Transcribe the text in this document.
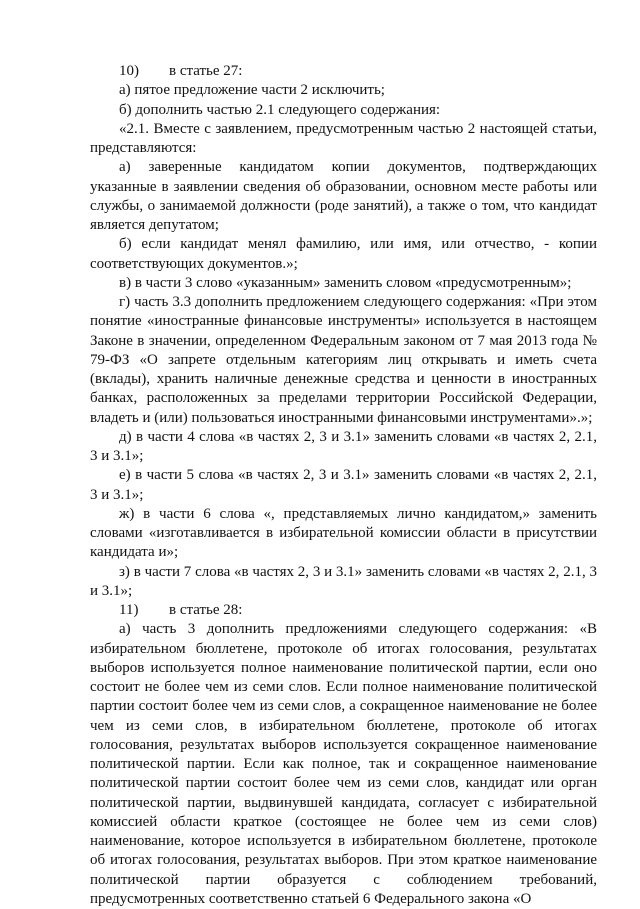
10) в статье 27:

а) пятое предложение части 2 исключить;

б) дополнить частью 2.1 следующего содержания:

«2.1. Вместе с заявлением, предусмотренным частью 2 настоящей статьи, представляются:

а) заверенные кандидатом копии документов, подтверждающих указанные в заявлении сведения об образовании, основном месте работы или службы, о занимаемой должности (роде занятий), а также о том, что кандидат является депутатом;

б) если кандидат менял фамилию, или имя, или отчество, - копии соответствующих документов.»;

в) в части 3 слово «указанным» заменить словом «предусмотренным»;

г) часть 3.3 дополнить предложением следующего содержания: «При этом понятие «иностранные финансовые инструменты» используется в настоящем Законе в значении, определенном Федеральным законом от 7 мая 2013 года № 79-ФЗ «О запрете отдельным категориям лиц открывать и иметь счета (вклады), хранить наличные денежные средства и ценности в иностранных банках, расположенных за пределами территории Российской Федерации, владеть и (или) пользоваться иностранными финансовыми инструментами».»;

д) в части 4 слова «в частях 2, 3 и 3.1» заменить словами «в частях 2, 2.1, 3 и 3.1»;

е) в части 5 слова «в частях 2, 3 и 3.1» заменить словами «в частях 2, 2.1, 3 и 3.1»;

ж) в части 6 слова «, представляемых лично кандидатом,» заменить словами «изготавливается в избирательной комиссии области в присутствии кандидата и»;

з) в части 7 слова «в частях 2, 3 и 3.1» заменить словами «в частях 2, 2.1, 3 и 3.1»;

11) в статье 28:

а) часть 3 дополнить предложениями следующего содержания: «В избирательном бюллетене, протоколе об итогах голосования, результатах выборов используется полное наименование политической партии, если оно состоит не более чем из семи слов. Если полное наименование политической партии состоит более чем из семи слов, а сокращенное наименование не более чем из семи слов, в избирательном бюллетене, протоколе об итогах голосования, результатах выборов используется сокращенное наименование политической партии. Если как полное, так и сокращенное наименование политической партии состоит более чем из семи слов, кандидат или орган политической партии, выдвинувшей кандидата, согласует с избирательной комиссией области краткое (состоящее не более чем из семи слов) наименование, которое используется в избирательном бюллетене, протоколе об итогах голосования, результатах выборов. При этом краткое наименование политической партии образуется с соблюдением требований, предусмотренных соответственно статьей 6 Федерального закона «О
